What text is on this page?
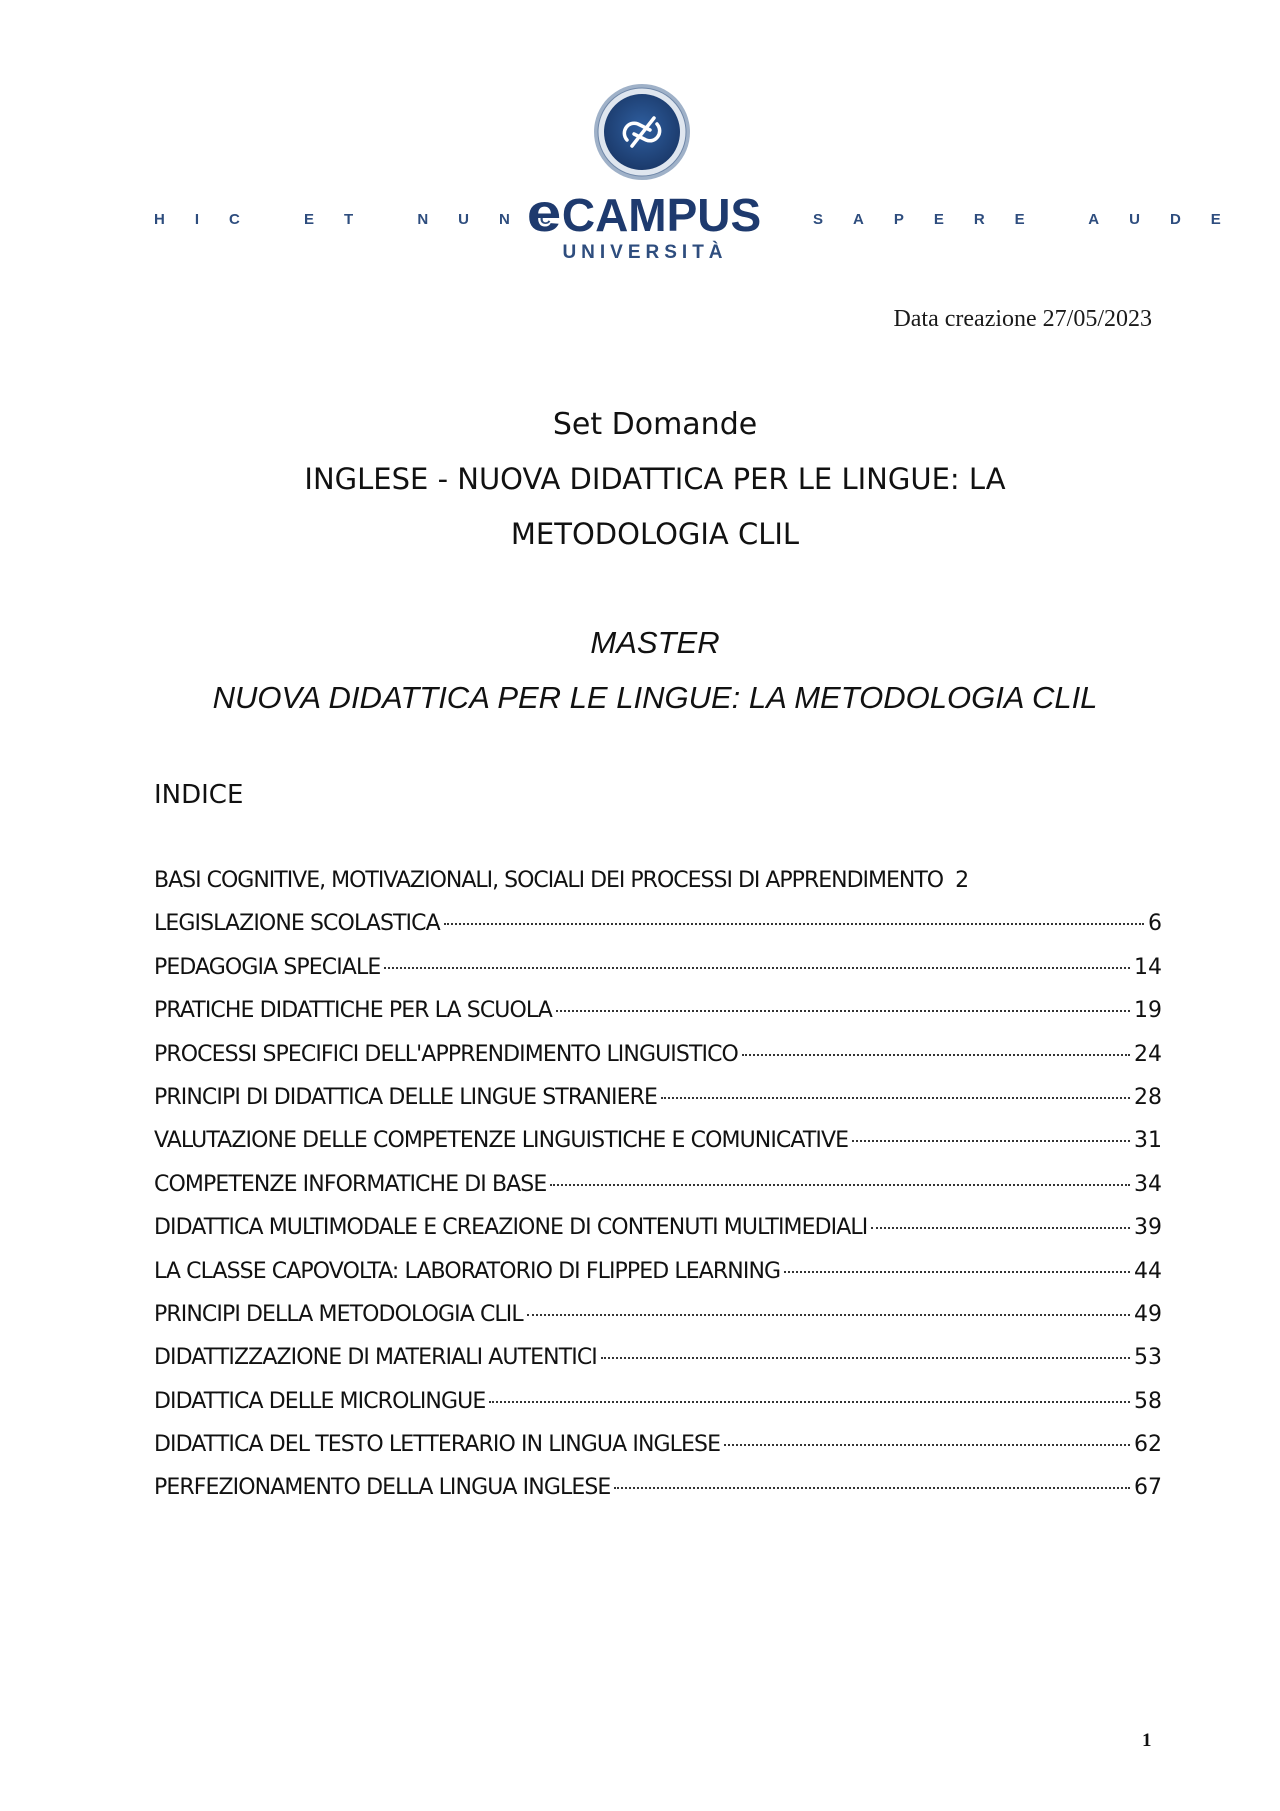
HIC ET NUNC
eCAMPUS
UNIVERSITÀ
SAPERE AUDE
Data creazione 27/05/2023
Set Domande
INGLESE - NUOVA DIDATTICA PER LE LINGUE: LA
METODOLOGIA CLIL
MASTER
NUOVA DIDATTICA PER LE LINGUE: LA METODOLOGIA CLIL
INDICE
BASI COGNITIVE, MOTIVAZIONALI, SOCIALI DEI PROCESSI DI APPRENDIMENTO 2
LEGISLAZIONE SCOLASTICA	6
PEDAGOGIA SPECIALE	14
PRATICHE DIDATTICHE PER LA SCUOLA	19
PROCESSI SPECIFICI DELL'APPRENDIMENTO LINGUISTICO	24
PRINCIPI DI DIDATTICA DELLE LINGUE STRANIERE	28
VALUTAZIONE DELLE COMPETENZE LINGUISTICHE E COMUNICATIVE	31
COMPETENZE INFORMATICHE DI BASE	34
DIDATTICA MULTIMODALE E CREAZIONE DI CONTENUTI MULTIMEDIALI	39
LA CLASSE CAPOVOLTA: LABORATORIO DI FLIPPED LEARNING	44
PRINCIPI DELLA METODOLOGIA CLIL	49
DIDATTIZZAZIONE DI MATERIALI AUTENTICI	53
DIDATTICA DELLE MICROLINGUE	58
DIDATTICA DEL TESTO LETTERARIO IN LINGUA INGLESE	62
PERFEZIONAMENTO DELLA LINGUA INGLESE	67
1
